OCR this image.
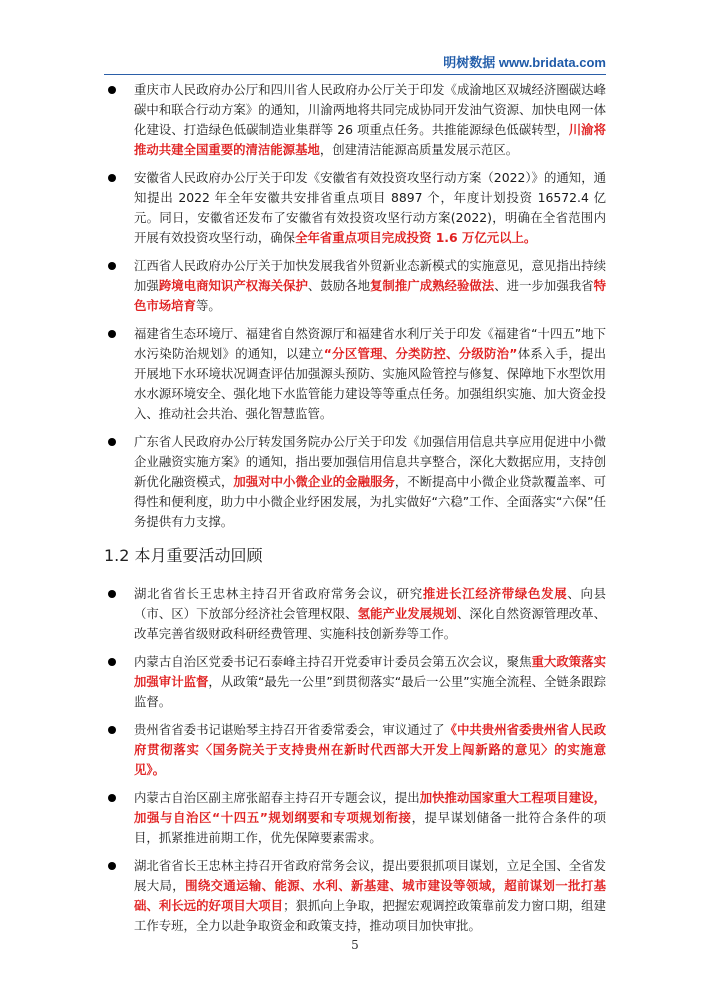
明树数据 www.bridata.com
重庆市人民政府办公厅和四川省人民政府办公厅关于印发《成渝地区双城经济圈碳达峰碳中和联合行动方案》的通知，川渝两地将共同完成协同开发油气资源、加快电网一体化建设、打造绿色低碳制造业集群等 26 项重点任务。共推能源绿色低碳转型，川渝将推动共建全国重要的清洁能源基地，创建清洁能源高质量发展示范区。
安徽省人民政府办公厅关于印发《安徽省有效投资攻坚行动方案（2022）》的通知，通知提出 2022 年全年安徽共安排省重点项目 8897 个，年度计划投资 16572.4 亿元。同日，安徽省还发布了安徽省有效投资攻坚行动方案(2022)，明确在全省范围内开展有效投资攻坚行动，确保全年省重点项目完成投资 1.6 万亿元以上。
江西省人民政府办公厅关于加快发展我省外贸新业态新模式的实施意见，意见指出持续加强跨境电商知识产权海关保护、鼓励各地复制推广成熟经验做法、进一步加强我省特色市场培育等。
福建省生态环境厅、福建省自然资源厅和福建省水利厅关于印发《福建省“十四五”地下水污染防治规划》的通知，以建立“分区管理、分类防控、分级防治”体系入手，提出开展地下水环境状况调查评估加强源头预防、实施风险管控与修复、保障地下水型饮用水水源环境安全、强化地下水监管能力建设等等重点任务。加强组织实施、加大资金投入、推动社会共治、强化智慧监管。
广东省人民政府办公厅转发国务院办公厅关于印发《加强信用信息共享应用促进中小微企业融资实施方案》的通知，指出要加强信用信息共享整合，深化大数据应用，支持创新优化融资模式，加强对中小微企业的金融服务，不断提高中小微企业贷款覆盖率、可得性和便利度，助力中小微企业纾困发展，为扎实做好“六稳”工作、全面落实“六保”任务提供有力支撑。
1.2 本月重要活动回顾
湖北省省长王忠林主持召开省政府常务会议，研究推进长江经济带绿色发展、向县（市、区）下放部分经济社会管理权限、氢能产业发展规划、深化自然资源管理改革、改革完善省级财政科研经费管理、实施科技创新券等工作。
内蒙古自治区党委书记石泰峰主持召开党委审计委员会第五次会议，聚焦重大政策落实加强审计监督，从政策“最先一公里”到贯彻落实“最后一公里”实施全流程、全链条跟踪监督。
贵州省省委书记谌贻琴主持召开省委常委会，审议通过了《中共贵州省委贵州省人民政府贯彻落实〈国务院关于支持贵州在新时代西部大开发上闯新路的意见〉的实施意见》。
内蒙古自治区副主席张韶春主持召开专题会议，提出加快推动国家重大工程项目建设，加强与自治区“十四五”规划纲要和专项规划衔接，提早谋划储备一批符合条件的项目，抓紧推进前期工作，优先保障要素需求。
湖北省省长王忠林主持召开省政府常务会议，提出要狠抓项目谋划，立足全国、全省发展大局，围绕交通运输、能源、水利、新基建、城市建设等领域，超前谋划一批打基础、利长远的好项目大项目；狠抓向上争取，把握宏观调控政策靠前发力窗口期，组建工作专班，全力以赴争取资金和政策支持，推动项目加快审批。
5
